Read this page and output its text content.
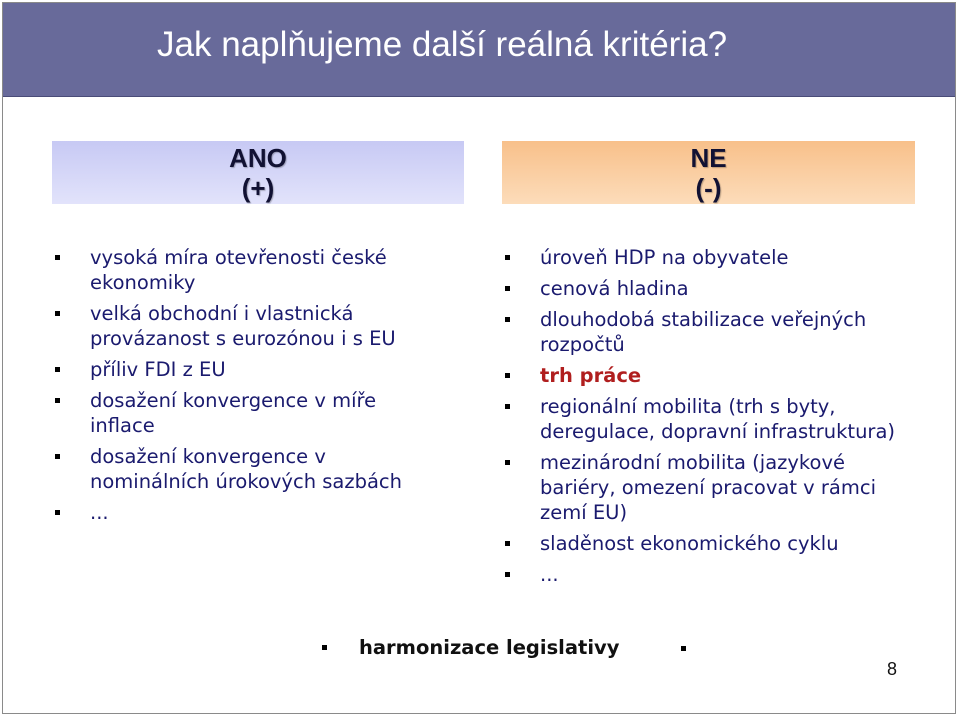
Jak naplňujeme další reálná kritéria?
ANO
(+)
NE
(-)
vysoká míra otevřenosti české ekonomiky
velká obchodní i vlastnická provázanost s eurozónou i s EU
příliv FDI z EU
dosažení konvergence v míře inflace
dosažení konvergence v nominálních úrokových sazbách
...
úroveň HDP na obyvatele
cenová hladina
dlouhodobá stabilizace veřejných rozpočtů
trh práce
regionální mobilita (trh s byty, deregulace, dopravní infrastruktura)
mezinárodní mobilita (jazykové bariéry, omezení pracovat v rámci zemí EU)
sladěnost ekonomického cyklu
...
harmonizace legislativy
8
